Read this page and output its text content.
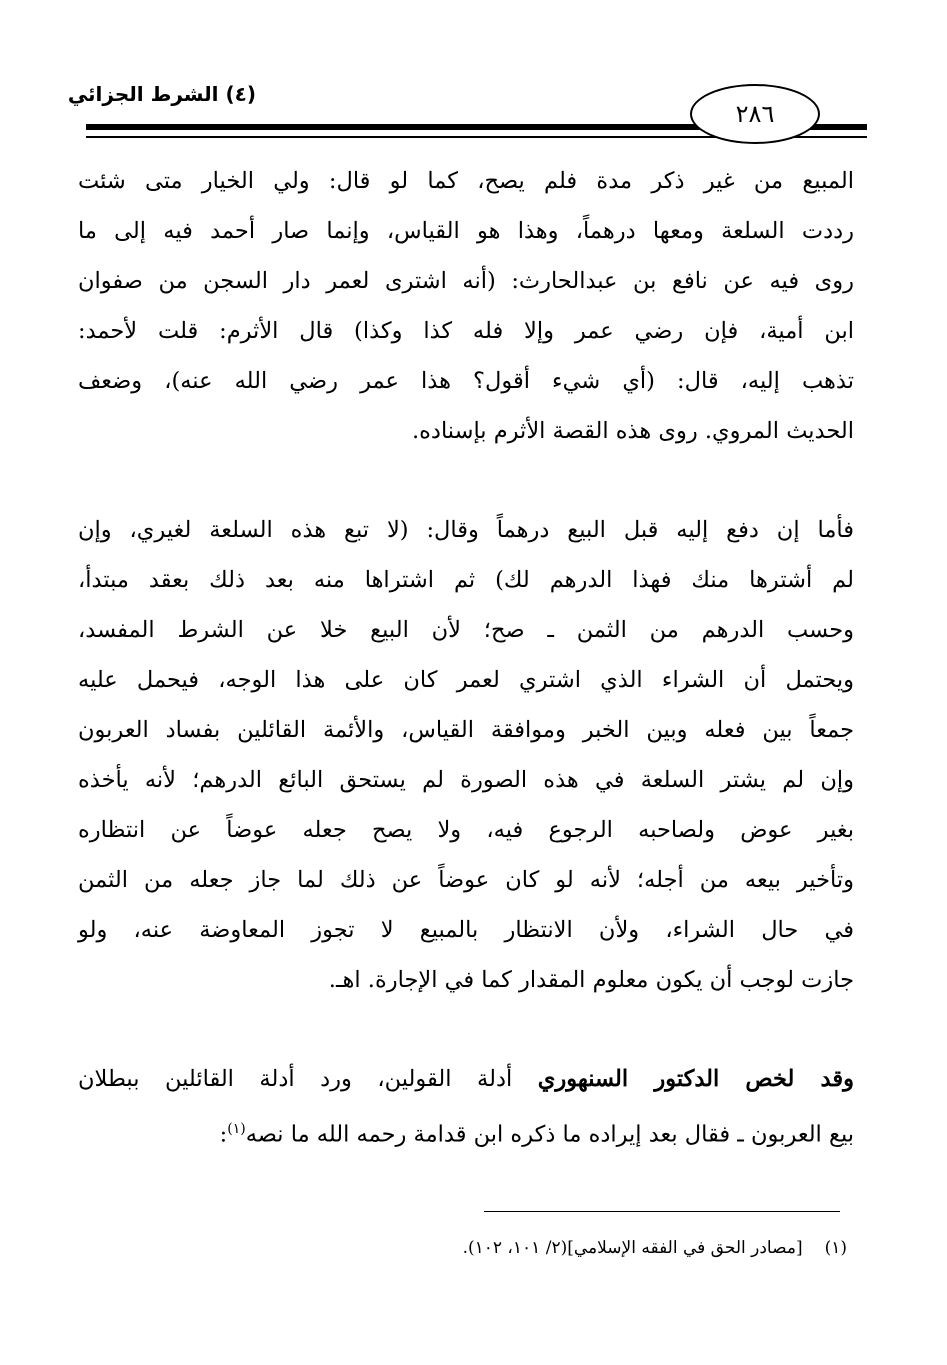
(٤) الشرط الجزائي
٢٨٦
المبيع من غير ذكر مدة فلم يصح، كما لو قال: ولي الخيار متى شئت
رددت السلعة ومعها درهماً، وهذا هو القياس، وإنما صار أحمد فيه إلى ما
روى فيه عن نافع بن عبدالحارث: (أنه اشترى لعمر دار السجن من صفوان
ابن أمية، فإن رضي عمر وإلا فله كذا وكذا) قال الأثرم: قلت لأحمد:
تذهب إليه، قال: (أي شيء أقول؟ هذا عمر رضي الله عنه)، وضعف
الحديث المروي. روى هذه القصة الأثرم بإسناده.
فأما إن دفع إليه قبل البيع درهماً وقال: (لا تبع هذه السلعة لغيري، وإن
لم أشترها منك فهذا الدرهم لك) ثم اشتراها منه بعد ذلك بعقد مبتدأ،
وحسب الدرهم من الثمن ـ صح؛ لأن البيع خلا عن الشرط المفسد،
ويحتمل أن الشراء الذي اشتري لعمر كان على هذا الوجه، فيحمل عليه
جمعاً بين فعله وبين الخبر وموافقة القياس، والأئمة القائلين بفساد العربون
وإن لم يشتر السلعة في هذه الصورة لم يستحق البائع الدرهم؛ لأنه يأخذه
بغير عوض ولصاحبه الرجوع فيه، ولا يصح جعله عوضاً عن انتظاره
وتأخير بيعه من أجله؛ لأنه لو كان عوضاً عن ذلك لما جاز جعله من الثمن
في حال الشراء، ولأن الانتظار بالمبيع لا تجوز المعاوضة عنه، ولو
جازت لوجب أن يكون معلوم المقدار كما في الإجارة. اهـ.
وقد لخص الدكتور السنهوري أدلة القولين، ورد أدلة القائلين ببطلان
بيع العربون ـ فقال بعد إيراده ما ذكره ابن قدامة رحمه الله ما نصه$^{(١)}$:
(١)[مصادر الحق في الفقه الإسلامي](٢/ ١٠١، ١٠٢).
